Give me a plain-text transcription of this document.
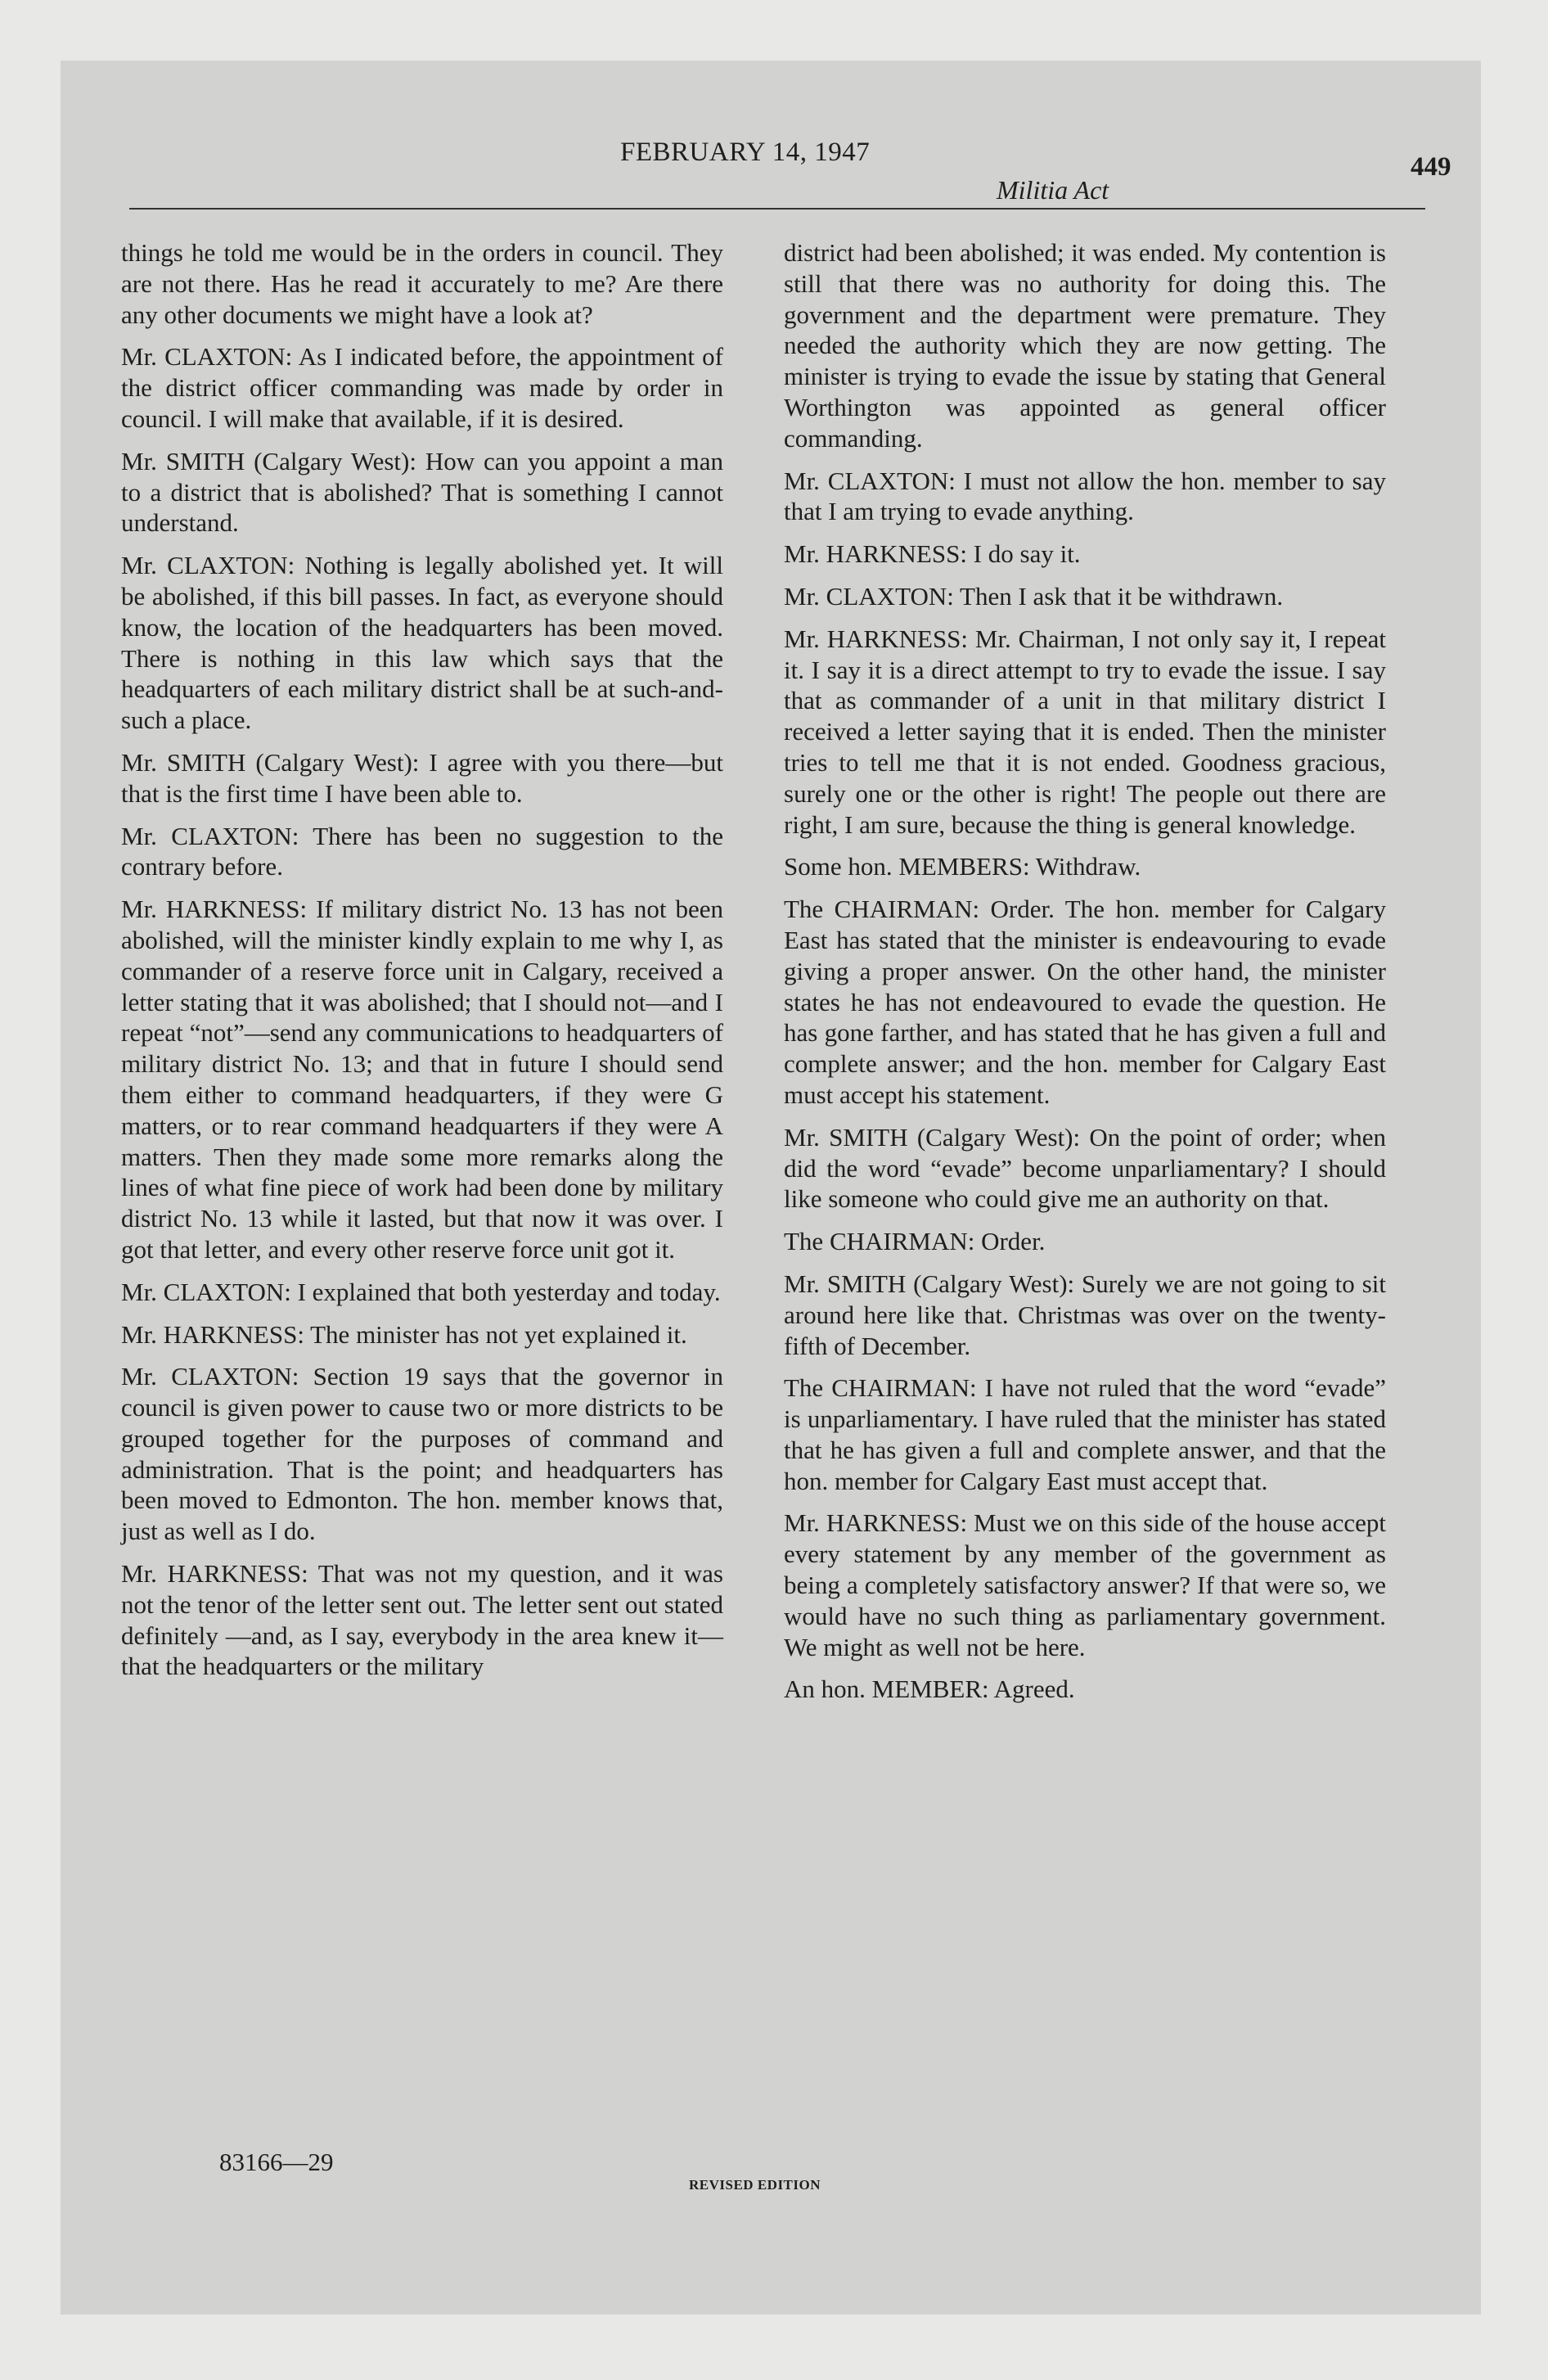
FEBRUARY 14, 1947
Militia Act
449

things he told me would be in the orders in council. They are not there. Has he read it accurately to me? Are there any other documents we might have a look at?

Mr. CLAXTON: As I indicated before, the appointment of the district officer commanding was made by order in council. I will make that available, if it is desired.

Mr. SMITH (Calgary West): How can you appoint a man to a district that is abolished? That is something I cannot understand.

Mr. CLAXTON: Nothing is legally abolished yet. It will be abolished, if this bill passes. In fact, as everyone should know, the location of the headquarters has been moved. There is nothing in this law which says that the headquarters of each military district shall be at such-and-such a place.

Mr. SMITH (Calgary West): I agree with you there—but that is the first time I have been able to.

Mr. CLAXTON: There has been no suggestion to the contrary before.

Mr. HARKNESS: If military district No. 13 has not been abolished, will the minister kindly explain to me why I, as commander of a reserve force unit in Calgary, received a letter stating that it was abolished; that I should not—and I repeat “not”—send any communications to headquarters of military district No. 13; and that in future I should send them either to command headquarters, if they were G matters, or to rear command headquarters if they were A matters. Then they made some more remarks along the lines of what fine piece of work had been done by military district No. 13 while it lasted, but that now it was over. I got that letter, and every other reserve force unit got it.

Mr. CLAXTON: I explained that both yesterday and today.

Mr. HARKNESS: The minister has not yet explained it.

Mr. CLAXTON: Section 19 says that the governor in council is given power to cause two or more districts to be grouped together for the purposes of command and administration. That is the point; and headquarters has been moved to Edmonton. The hon. member knows that, just as well as I do.

Mr. HARKNESS: That was not my question, and it was not the tenor of the letter sent out. The letter sent out stated definitely —and, as I say, everybody in the area knew it—that the headquarters or the military

district had been abolished; it was ended. My contention is still that there was no authority for doing this. The government and the department were premature. They needed the authority which they are now getting. The minister is trying to evade the issue by stating that General Worthington was appointed as general officer commanding.

Mr. CLAXTON: I must not allow the hon. member to say that I am trying to evade anything.

Mr. HARKNESS: I do say it.

Mr. CLAXTON: Then I ask that it be withdrawn.

Mr. HARKNESS: Mr. Chairman, I not only say it, I repeat it. I say it is a direct attempt to try to evade the issue. I say that as commander of a unit in that military district I received a letter saying that it is ended. Then the minister tries to tell me that it is not ended. Goodness gracious, surely one or the other is right! The people out there are right, I am sure, because the thing is general knowledge.

Some hon. MEMBERS: Withdraw.

The CHAIRMAN: Order. The hon. member for Calgary East has stated that the minister is endeavouring to evade giving a proper answer. On the other hand, the minister states he has not endeavoured to evade the question. He has gone farther, and has stated that he has given a full and complete answer; and the hon. member for Calgary East must accept his statement.

Mr. SMITH (Calgary West): On the point of order; when did the word “evade” become unparliamentary? I should like someone who could give me an authority on that.

The CHAIRMAN: Order.

Mr. SMITH (Calgary West): Surely we are not going to sit around here like that. Christmas was over on the twenty-fifth of December.

The CHAIRMAN: I have not ruled that the word “evade” is unparliamentary. I have ruled that the minister has stated that he has given a full and complete answer, and that the hon. member for Calgary East must accept that.

Mr. HARKNESS: Must we on this side of the house accept every statement by any member of the government as being a completely satisfactory answer? If that were so, we would have no such thing as parliamentary government. We might as well not be here.

An hon. MEMBER: Agreed.

83166—29
REVISED EDITION
